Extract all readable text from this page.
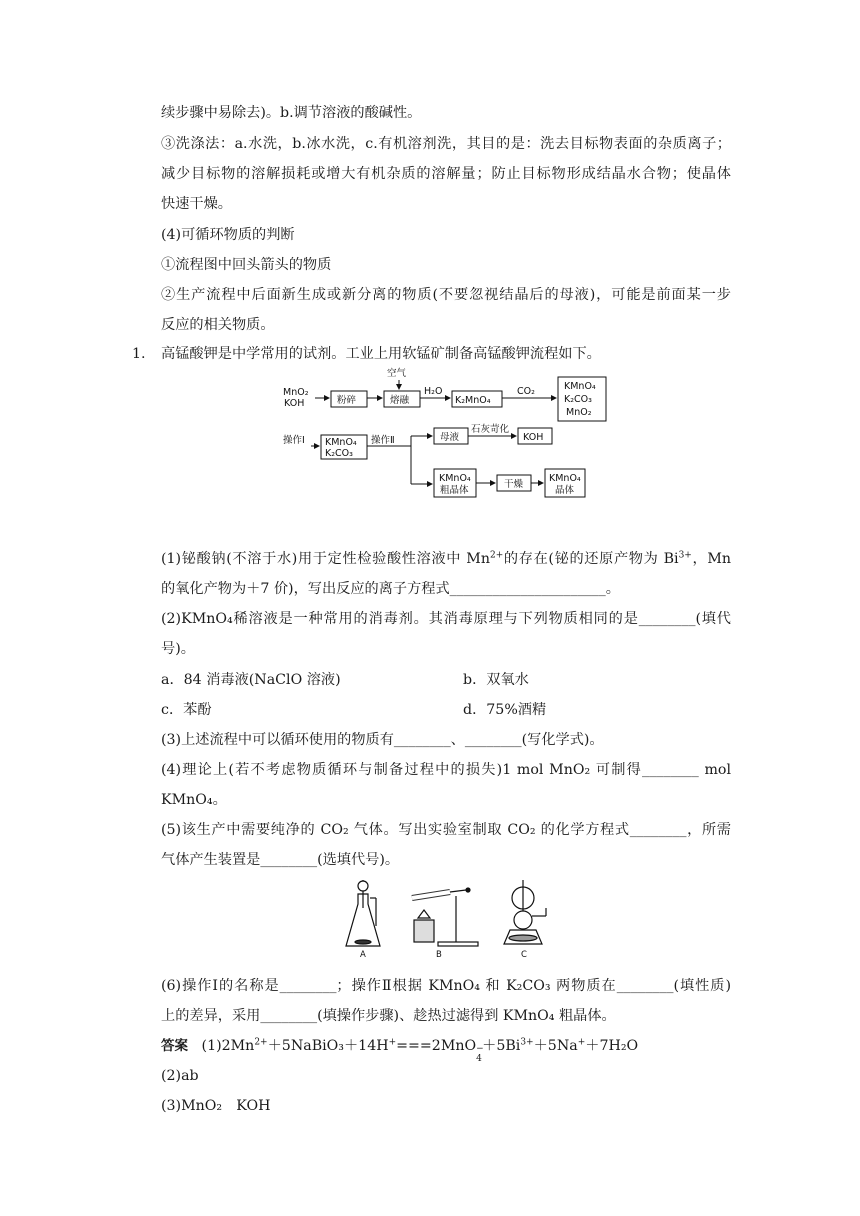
续步骤中易除去)。b.调节溶液的酸碱性。
③洗涤法：a.水洗，b.冰水洗，c.有机溶剂洗，其目的是：洗去目标物表面的杂质离子；
减少目标物的溶解损耗或增大有机杂质的溶解量；防止目标物形成结晶水合物；使晶体
快速干燥。
(4)可循环物质的判断
①流程图中回头箭头的物质
②生产流程中后面新生成或新分离的物质(不要忽视结晶后的母液)，可能是前面某一步
反应的相关物质。
1. 高锰酸钾是中学常用的试剂。工业上用软锰矿制备高锰酸钾流程如下。
MnO₂
KOH	粉碎
空气
熔融
H₂O
K₂MnO₄
CO₂	KMnO₄
K₂CO₃
MnO₂
操作Ⅰ KMnO₄
K₂CO₃
操作Ⅱ	母液
石灰苛化
KOH
KMnO₄
粗晶体
干燥
KMnO₄
晶体
(1)铋酸钠(不溶于水)用于定性检验酸性溶液中 $Mn^{2+}$的存在(铋的还原产物为 $Bi^{3+}$，Mn
的氧化产物为＋7 价)，写出反应的离子方程式______________________。
(2)KMnO₄稀溶液是一种常用的消毒剂。其消毒原理与下列物质相同的是________(填代
号)。
a．84 消毒液(NaClO 溶液)	b．双氧水
c．苯酚	d．75%酒精
(3)上述流程中可以循环使用的物质有________、________(写化学式)。
(4)理论上(若不考虑物质循环与制备过程中的损失)1 mol MnO₂ 可制得________ mol
KMnO₄。
(5)该生产中需要纯净的 CO₂ 气体。写出实验室制取 CO₂ 的化学方程式________，所需
气体产生装置是________(选填代号)。
A	B	C
(6)操作Ⅰ的名称是________；操作Ⅱ根据 KMnO₄ 和 K₂CO₃ 两物质在________(填性质)
上的差异，采用________(填操作步骤)、趁热过滤得到 KMnO₄ 粗晶体。
答案 $(1)2Mn^{2+}+5NaBiO_3+14H^+===2MnO$ −
4
$+5Bi^{3+}+5Na^++7H_2O$
(2)ab
(3)MnO₂　KOH
